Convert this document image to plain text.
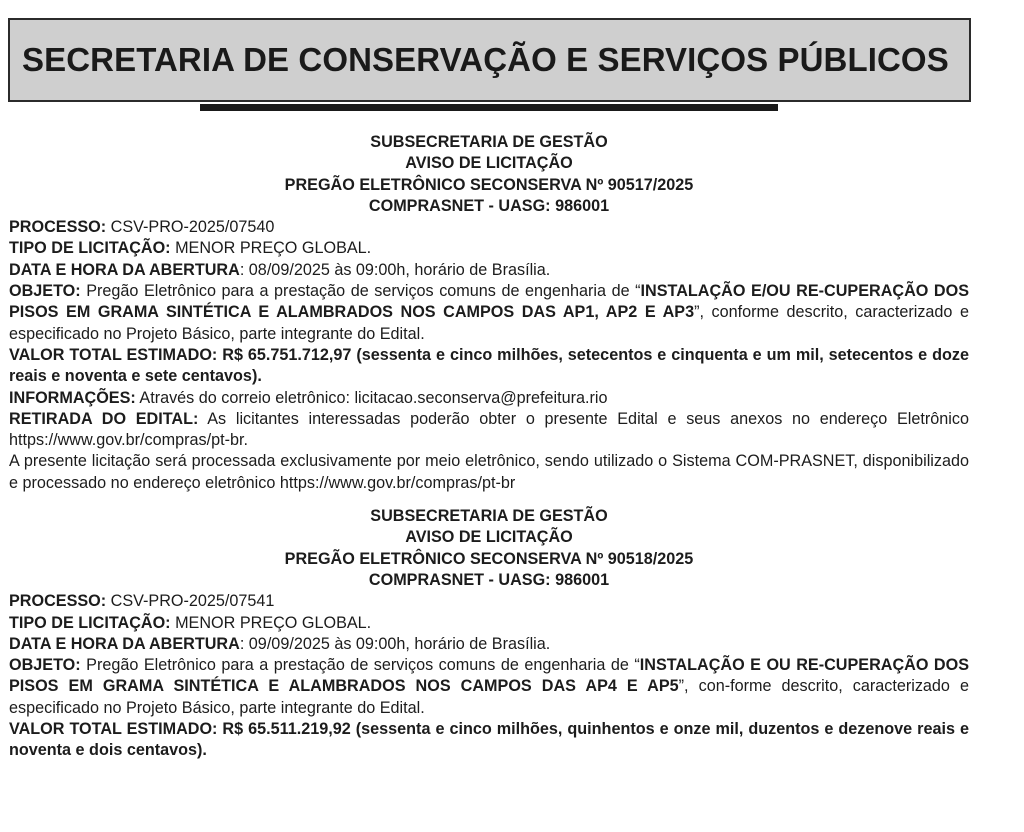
SECRETARIA DE CONSERVAÇÃO E SERVIÇOS PÚBLICOS
SUBSECRETARIA DE GESTÃO
AVISO DE LICITAÇÃO
PREGÃO ELETRÔNICO SECONSERVA Nº 90517/2025
COMPRASNET - UASG: 986001
PROCESSO: CSV-PRO-2025/07540
TIPO DE LICITAÇÃO: MENOR PREÇO GLOBAL.
DATA E HORA DA ABERTURA: 08/09/2025 às 09:00h, horário de Brasília.
OBJETO: Pregão Eletrônico para a prestação de serviços comuns de engenharia de “INSTALAÇÃO E/OU RE-CUPERAÇÃO DOS PISOS EM GRAMA SINTÉTICA E ALAMBRADOS NOS CAMPOS DAS AP1, AP2 E AP3”, conforme descrito, caracterizado e especificado no Projeto Básico, parte integrante do Edital.
VALOR TOTAL ESTIMADO: R$ 65.751.712,97 (sessenta e cinco milhões, setecentos e cinquenta e um mil, setecentos e doze reais e noventa e sete centavos).
INFORMAÇÕES: Através do correio eletrônico: licitacao.seconserva@prefeitura.rio
RETIRADA DO EDITAL: As licitantes interessadas poderão obter o presente Edital e seus anexos no endereço Eletrônico https://www.gov.br/compras/pt-br.
A presente licitação será processada exclusivamente por meio eletrônico, sendo utilizado o Sistema COM-PRASNET, disponibilizado e processado no endereço eletrônico https://www.gov.br/compras/pt-br
SUBSECRETARIA DE GESTÃO
AVISO DE LICITAÇÃO
PREGÃO ELETRÔNICO SECONSERVA Nº 90518/2025
COMPRASNET - UASG: 986001
PROCESSO: CSV-PRO-2025/07541
TIPO DE LICITAÇÃO: MENOR PREÇO GLOBAL.
DATA E HORA DA ABERTURA: 09/09/2025 às 09:00h, horário de Brasília.
OBJETO: Pregão Eletrônico para a prestação de serviços comuns de engenharia de “INSTALAÇÃO E OU RE-CUPERAÇÃO DOS PISOS EM GRAMA SINTÉTICA E ALAMBRADOS NOS CAMPOS DAS AP4 E AP5”, con-forme descrito, caracterizado e especificado no Projeto Básico, parte integrante do Edital.
VALOR TOTAL ESTIMADO: R$ 65.511.219,92 (sessenta e cinco milhões, quinhentos e onze mil, duzentos e dezenove reais e noventa e dois centavos).
